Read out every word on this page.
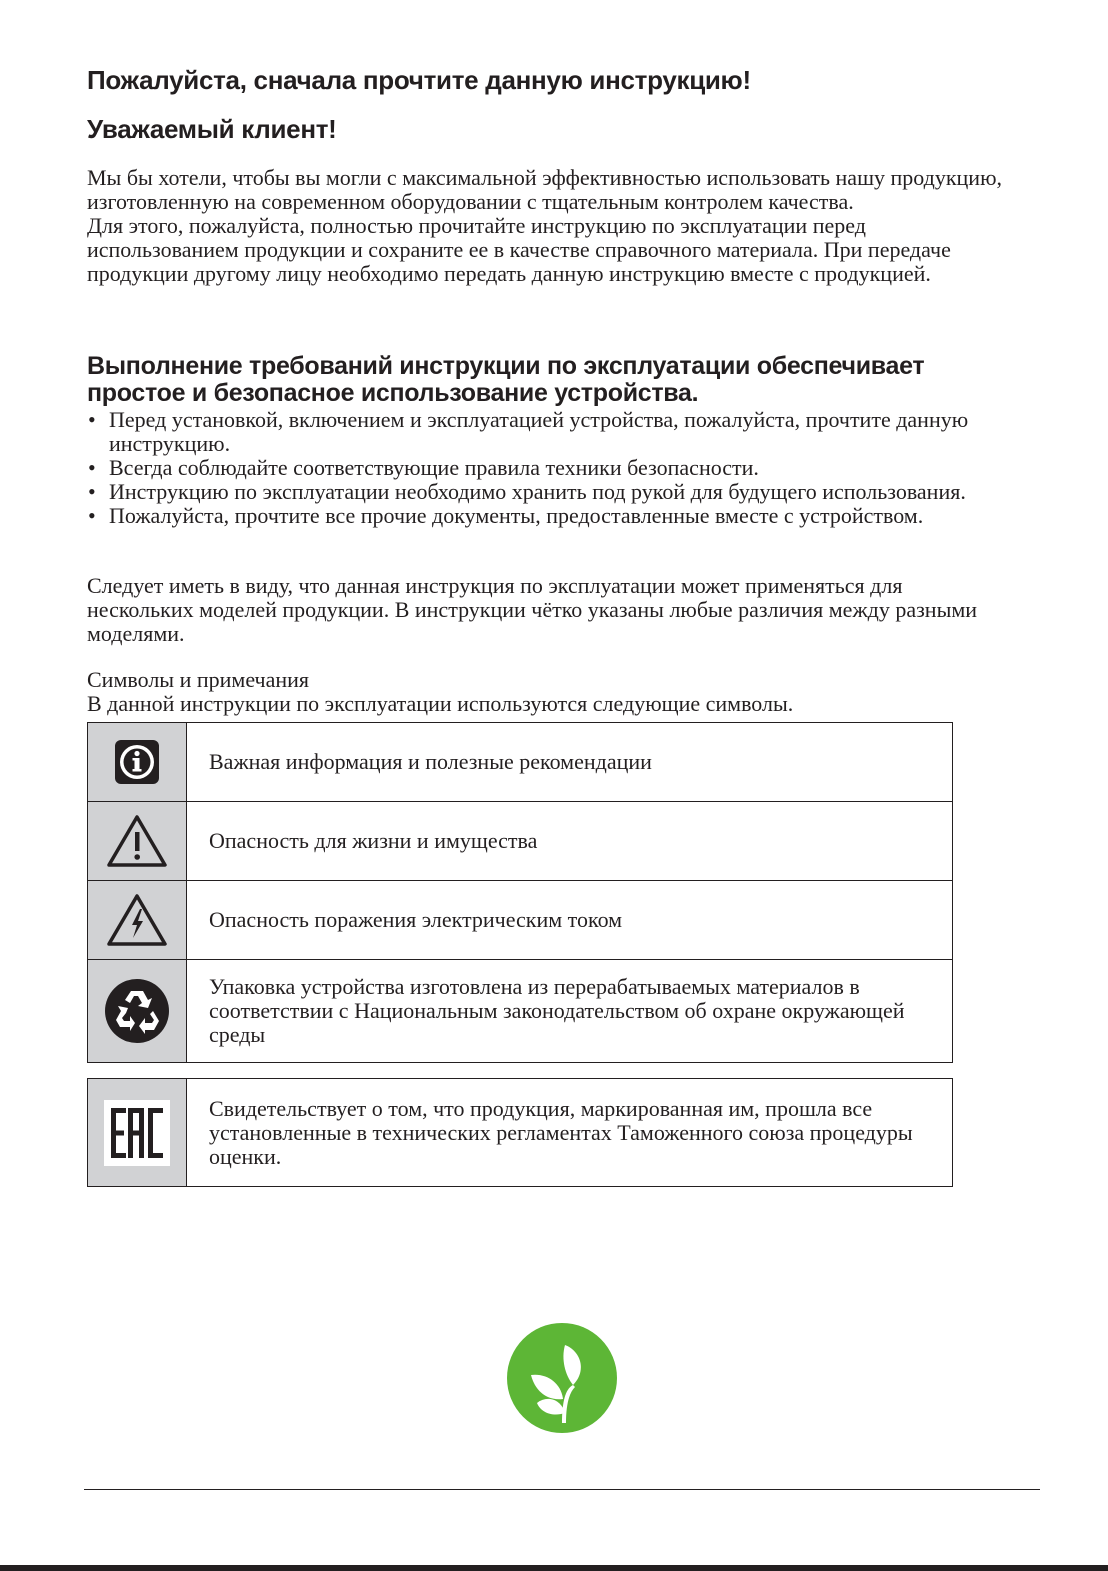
Пожалуйста, сначала прочтите данную инструкцию!
Уважаемый клиент!

Мы бы хотели, чтобы вы могли с максимальной эффективностью использовать нашу продукцию, изготовленную на современном оборудовании с тщательным контролем качества.

Для этого, пожалуйста, полностью прочитайте инструкцию по эксплуатации перед использованием продукции и сохраните ее в качестве справочного материала. При передаче продукции другому лицу необходимо передать данную инструкцию вместе с продукцией.

Выполнение требований инструкции по эксплуатации обеспечивает простое и безопасное использование устройства.
• Перед установкой, включением и эксплуатацией устройства, пожалуйста, прочтите данную инструкцию.
• Всегда соблюдайте соответствующие правила техники безопасности.
• Инструкцию по эксплуатации необходимо хранить под рукой для будущего использования.
• Пожалуйста, прочтите все прочие документы, предоставленные вместе с устройством.

Следует иметь в виду, что данная инструкция по эксплуатации может применяться для нескольких моделей продукции. В инструкции чётко указаны любые различия между разными моделями.

Символы и примечания

В данной инструкции по эксплуатации используются следующие символы.

	Важная информация и полезные рекомендации

	Опасность для жизни и имущества

	Опасность поражения электрическим током

	Упаковка устройства изготовлена из перерабатываемых материалов в соответствии с Национальным законодательством об охране окружающей среды
	Свидетельствует о том, что продукция, маркированная им, прошла все установленные в технических регламентах Таможенного союза процедуры оценки.
